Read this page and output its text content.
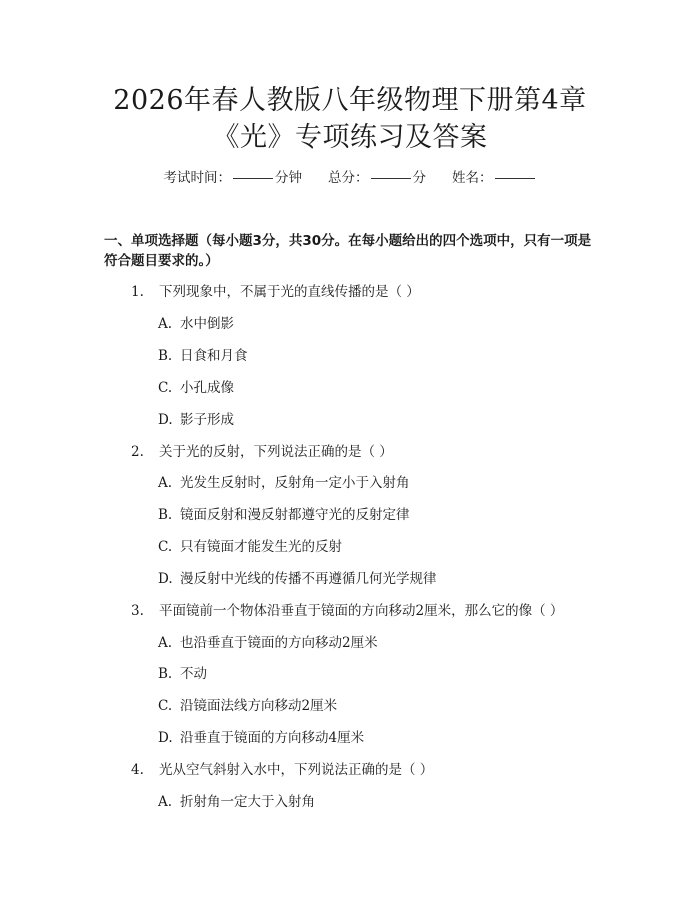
2026年春人教版八年级物理下册第4章
《光》专项练习及答案
考试时间：	分钟 总分：	分 姓名：
一、单项选择题（每小题3分，共30分。在每小题给出的四个选项中，只有一项是符合题目要求的。）
1. 下列现象中，不属于光的直线传播的是（ ）
A. 水中倒影
B. 日食和月食
C. 小孔成像
D. 影子形成
2. 关于光的反射，下列说法正确的是（ ）
A. 光发生反射时，反射角一定小于入射角
B. 镜面反射和漫反射都遵守光的反射定律
C. 只有镜面才能发生光的反射
D. 漫反射中光线的传播不再遵循几何光学规律
3. 平面镜前一个物体沿垂直于镜面的方向移动2厘米，那么它的像（ ）
A. 也沿垂直于镜面的方向移动2厘米
B. 不动
C. 沿镜面法线方向移动2厘米
D. 沿垂直于镜面的方向移动4厘米
4. 光从空气斜射入水中，下列说法正确的是（ ）
A. 折射角一定大于入射角
